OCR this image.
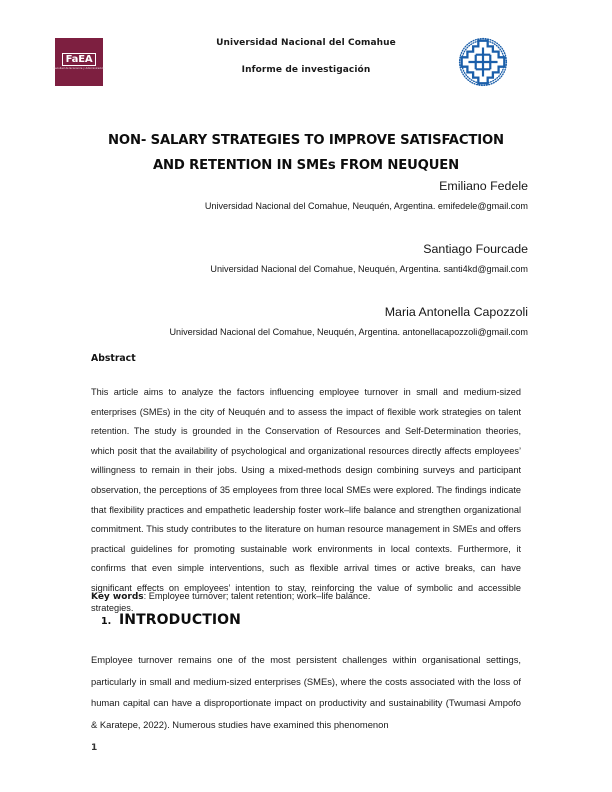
FaEA
Facultad de Economía y Administración
Universidad Nacional del Comahue
Informe de investigación
NON- SALARY STRATEGIES TO IMPROVE SATISFACTION AND RETENTION IN SMEs FROM NEUQUEN
Emiliano Fedele
Universidad Nacional del Comahue, Neuquén, Argentina. emifedele@gmail.com
Santiago Fourcade
Universidad Nacional del Comahue, Neuquén, Argentina. santi4kd@gmail.com
Maria Antonella Capozzoli
Universidad Nacional del Comahue, Neuquén, Argentina. antonellacapozzoli@gmail.com
Abstract
This article aims to analyze the factors influencing employee turnover in small and medium-sized enterprises (SMEs) in the city of Neuquén and to assess the impact of flexible work strategies on talent retention. The study is grounded in the Conservation of Resources and Self-Determination theories, which posit that the availability of psychological and organizational resources directly affects employees’ willingness to remain in their jobs. Using a mixed-methods design combining surveys and participant observation, the perceptions of 35 employees from three local SMEs were explored. The findings indicate that flexibility practices and empathetic leadership foster work–life balance and strengthen organizational commitment. This study contributes to the literature on human resource management in SMEs and offers practical guidelines for promoting sustainable work environments in local contexts. Furthermore, it confirms that even simple interventions, such as flexible arrival times or active breaks, can have significant effects on employees’ intention to stay, reinforcing the value of symbolic and accessible strategies.
Key words: Employee turnover; talent retention; work–life balance.
1. INTRODUCTION
Employee turnover remains one of the most persistent challenges within organisational settings, particularly in small and medium-sized enterprises (SMEs), where the costs associated with the loss of human capital can have a disproportionate impact on productivity and sustainability (Twumasi Ampofo & Karatepe, 2022). Numerous studies have examined this phenomenon
1
